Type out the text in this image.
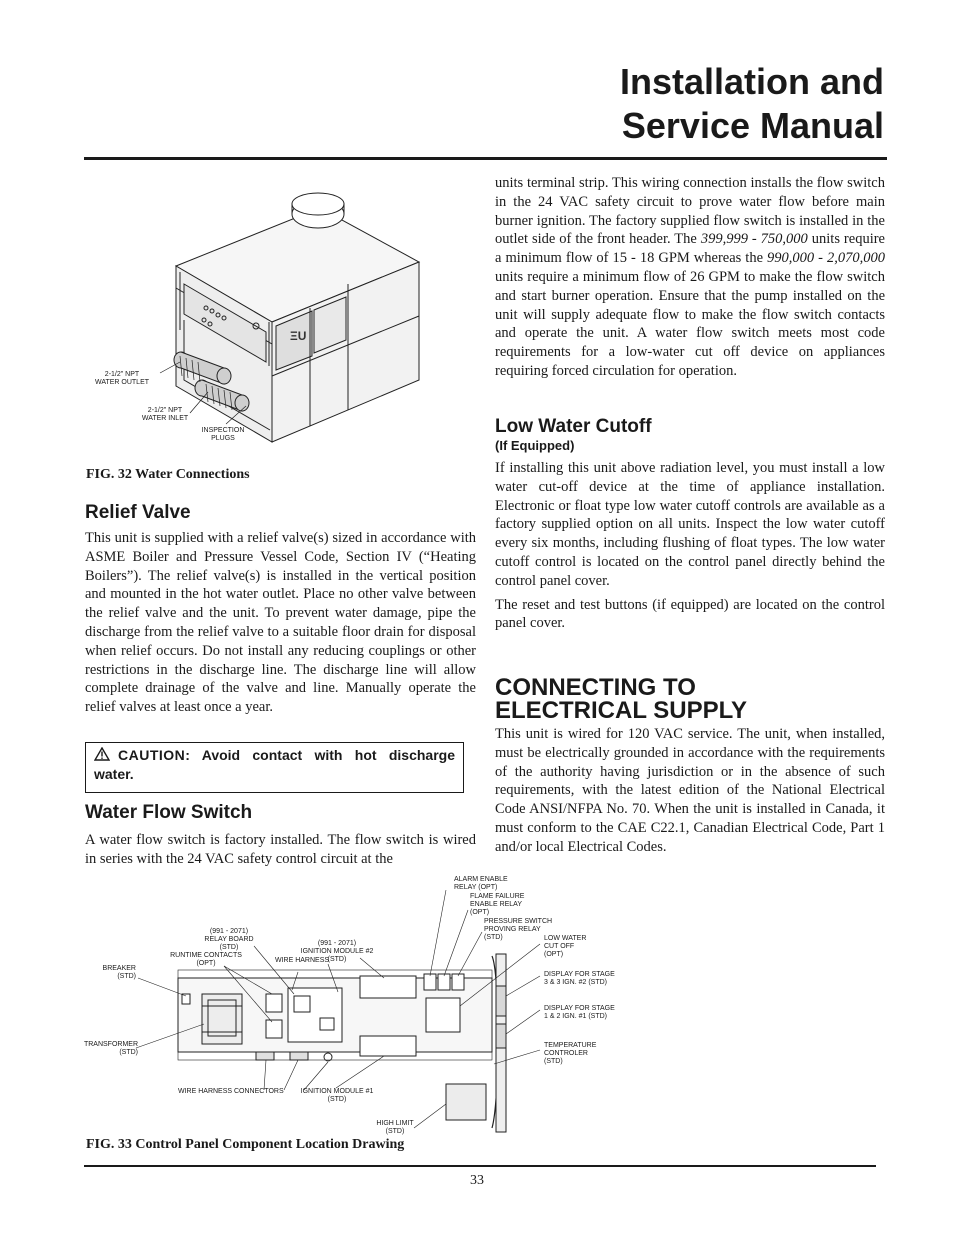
Installation and
Service Manual
ΞU
2-1/2" NPT
WATER OUTLET
2-1/2" NPT
WATER INLET
INSPECTION
PLUGS
FIG. 32 Water Connections
Relief Valve

This unit is supplied with a relief valve(s) sized in accordance with ASME Boiler and Pressure Vessel Code, Section IV (“Heating Boilers”). The relief valve(s) is installed in the vertical position and mounted in the hot water outlet. Place no other valve between the relief valve and the unit. To prevent water damage, pipe the discharge from the relief valve to a suitable floor drain for disposal when relief occurs. Do not install any reducing couplings or other restrictions in the discharge line. The discharge line will allow complete drainage of the valve and line. Manually operate the relief valves at least once a year.

CAUTION: Avoid contact with hot discharge water.
Water Flow Switch

A water flow switch is factory installed. The flow switch is wired in series with the 24 VAC safety control circuit at the

units terminal strip. This wiring connection installs the flow switch in the 24 VAC safety circuit to prove water flow before main burner ignition. The factory supplied flow switch is installed in the outlet side of the front header. The 399,999 - 750,000 units require a minimum flow of 15 - 18 GPM whereas the 990,000 - 2,070,000 units require a minimum flow of 26 GPM to make the flow switch and start burner operation. Ensure that the pump installed on the unit will supply adequate flow to make the flow switch contacts and operate the unit. A water flow switch meets most code requirements for a low-water cut off device on appliances requiring forced circulation for operation.

Low Water Cutoff
(If Equipped)

If installing this unit above radiation level, you must install a low water cut-off device at the time of appliance installation. Electronic or float type low water cutoff controls are available as a factory supplied option on all units. Inspect the low water cutoff every six months, including flushing of float types. The low water cutoff control is located on the control panel directly behind the control panel cover.

The reset and test buttons (if equipped) are located on the control panel cover.

CONNECTING TO
ELECTRICAL SUPPLY

This unit is wired for 120 VAC service. The unit, when installed, must be electrically grounded in accordance with the requirements of the authority having jurisdiction or in the absence of such requirements, with the latest edition of the National Electrical Code ANSI/NFPA No. 70. When the unit is installed in Canada, it must conform to the CAE C22.1, Canadian Electrical Code, Part 1 and/or local Electrical Codes.

BREAKER
(STD)
RUNTIME CONTACTS
(OPT)
(991 - 2071)
RELAY BOARD
(STD)
WIRE HARNESS
(991 - 2071)
IGNITION MODULE #2
(STD)
TRANSFORMER
(STD)
WIRE HARNESS CONNECTORS	IGNITION MODULE #1
(STD)
HIGH LIMIT
(STD)
ALARM ENABLE
RELAY (OPT)
FLAME FAILURE
ENABLE RELAY
(OPT)
PRESSURE SWITCH
PROVING RELAY
(STD)	LOW WATER
CUT OFF
(OPT)
DISPLAY FOR STAGE
3 & 3 IGN. #2 (STD)
DISPLAY FOR STAGE
1 & 2 IGN. #1 (STD)
TEMPERATURE
CONTROLER
(STD)
FIG. 33 Control Panel Component Location Drawing
33
